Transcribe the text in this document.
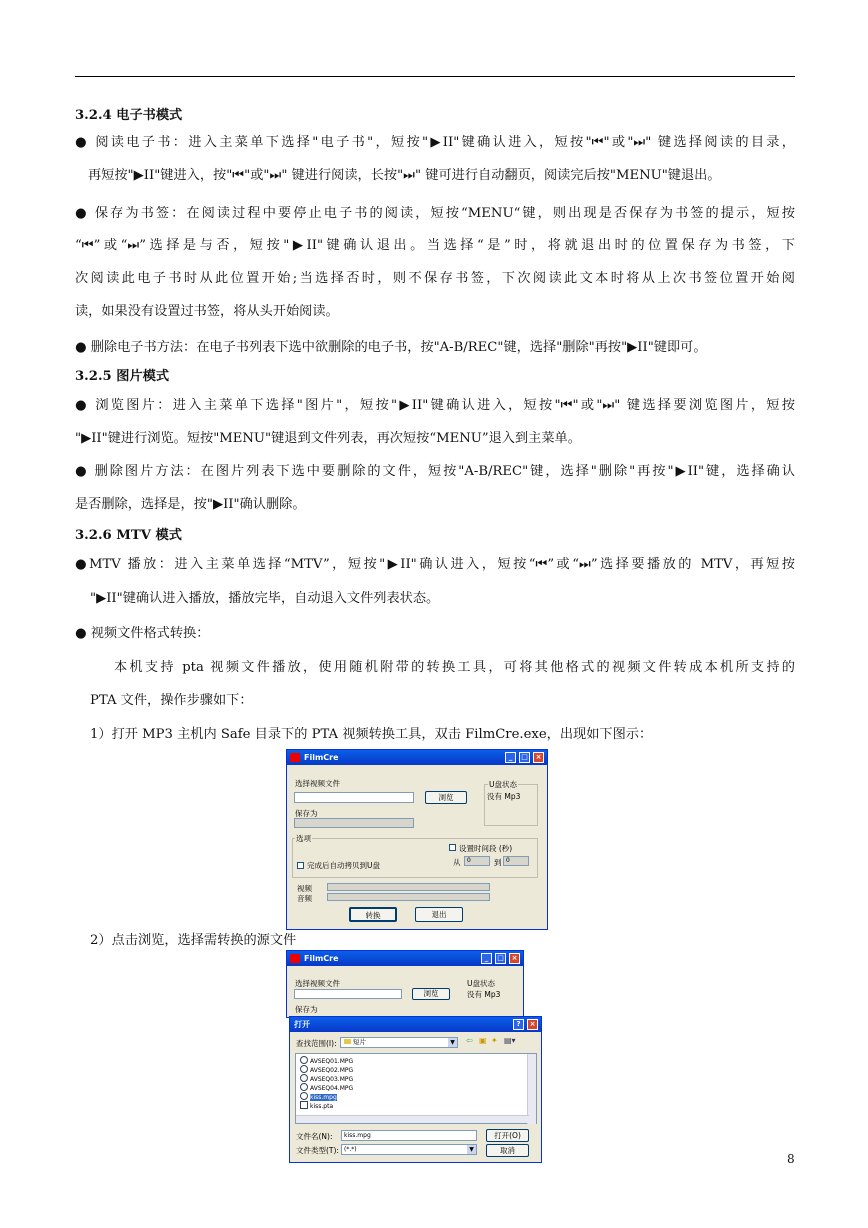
3.2.4 电子书模式
● 阅读电子书：进入主菜单下选择"电子书"，短按"▶II"键确认进入，短按"⏮"或"⏭" 键选择阅读的目录，
再短按"▶II"键进入，按"⏮"或"⏭" 键进行阅读，长按"⏭" 键可进行自动翻页，阅读完后按"MENU"键退出。
● 保存为书签：在阅读过程中要停止电子书的阅读，短按“MENU“键，则出现是否保存为书签的提示，短按
“⏮”或“⏭”选择是与否，短按"▶II"键确认退出。当选择“是”时，将就退出时的位置保存为书签，下
次阅读此电子书时从此位置开始;当选择否时，则不保存书签，下次阅读此文本时将从上次书签位置开始阅
读，如果没有设置过书签，将从头开始阅读。
● 删除电子书方法：在电子书列表下选中欲删除的电子书，按"A-B/REC"键，选择"删除"再按"▶II"键即可。
3.2.5 图片模式
● 浏览图片：进入主菜单下选择"图片"，短按"▶II"键确认进入，短按"⏮"或"⏭" 键选择要浏览图片，短按
"▶II"键进行浏览。短按"MENU"键退到文件列表，再次短按“MENU”退入到主菜单。
● 删除图片方法：在图片列表下选中要删除的文件，短按"A-B/REC"键，选择"删除"再按"▶II"键，选择确认
是否删除，选择是，按"▶II"确认删除。
3.2.6 MTV 模式
●MTV 播放：进入主菜单选择“MTV”，短按"▶II"确认进入，短按“⏮”或“⏭”选择要播放的 MTV，再短按
"▶II"键确认进入播放，播放完毕，自动退入文件列表状态。
● 视频文件格式转换：
本机支持 pta 视频文件播放，使用随机附带的转换工具，可将其他格式的视频文件转成本机所支持的
PTA 文件，操作步骤如下：
1）打开 MP3 主机内 Safe 目录下的 PTA 视频转换工具，双击 FilmCre.exe，出现如下图示：
2）点击浏览，选择需转换的源文件
FilmCre	_	□	×
选择视频文件
浏览
保存为
U盘状态
没有 Mp3
选项
设置时间段 (秒)
从	0	到 0
完成后自动拷贝到U盘
视频
音频
转换	退出
FilmCre	_	□	×
选择视频文件
浏览
保存为
U盘状态
没有 Mp3
打开	?	×
查找范围(I):	短片	▼ ⇦ ▣ ✦ ▤▾
AVSEQ01.MPG
AVSEQ02.MPG
AVSEQ03.MPG
AVSEQ04.MPG
kiss.mpg
kiss.pta
文件名(N):	kiss.mpg	打开(O)
文件类型(T): (*.*)	▼	取消
8
